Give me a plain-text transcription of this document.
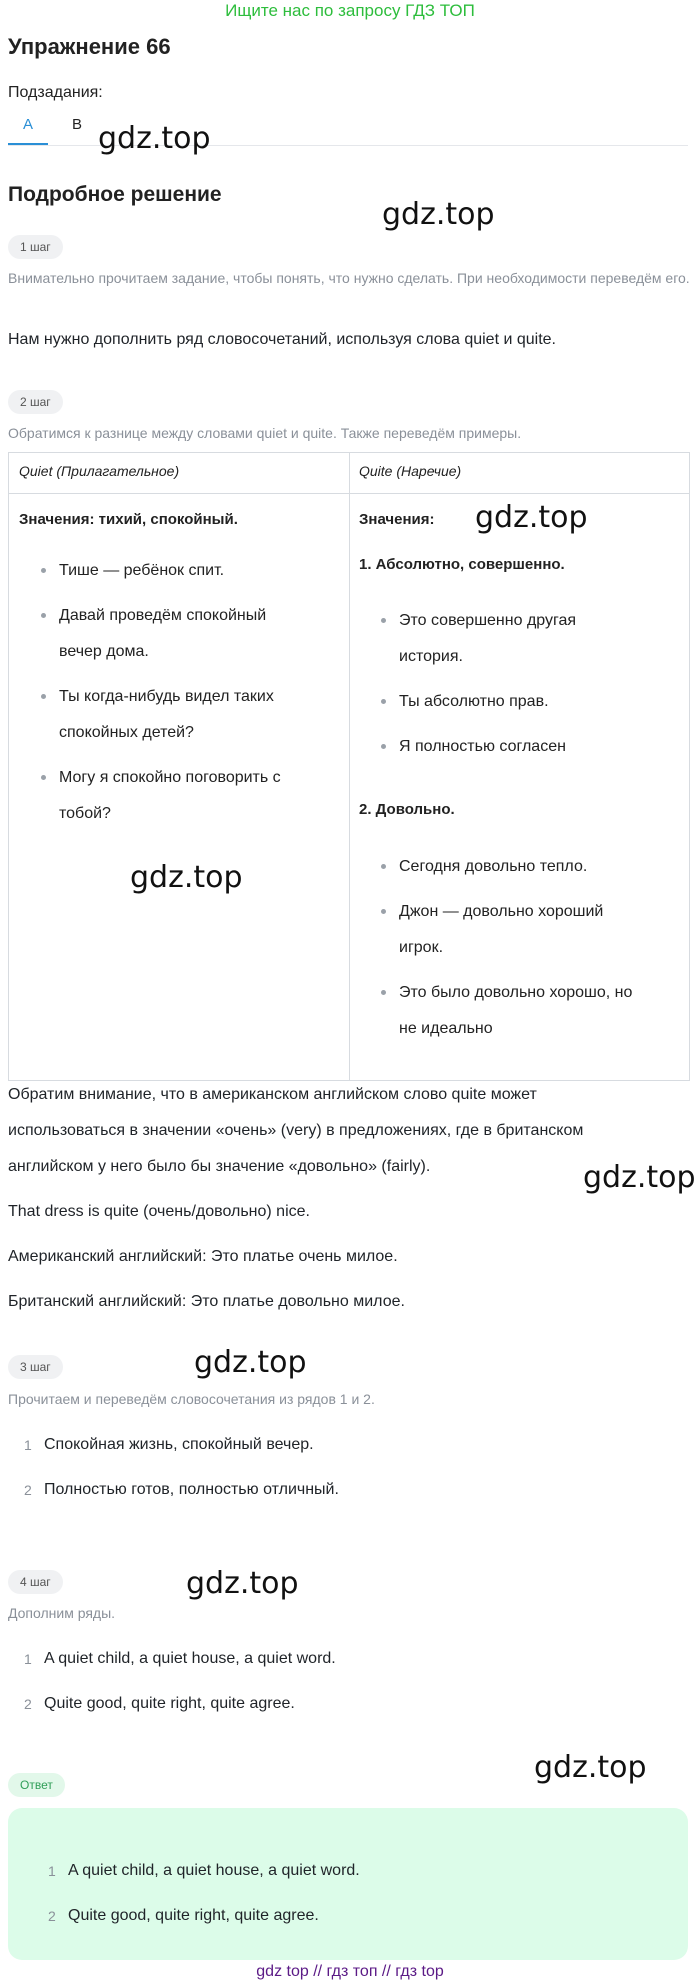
Ищите нас по запросу ГДЗ ТОП
Упражнение 66
Подзадания:
A	B
Подробное решение
1 шаг
Внимательно прочитаем задание, чтобы понять, что нужно сделать. При необходимости переведём его.
Нам нужно дополнить ряд словосочетаний, используя слова quiet и quite.
2 шаг
Обратимся к разнице между словами quiet и quite. Также переведём примеры.
Quiet (Прилагательное)	Quite (Наречие)
Значения: тихий, спокойный.
Тише — ребёнок спит.
Давай проведём спокойный
вечер дома.
Ты когда-нибудь видел таких
спокойных детей?
Могу я спокойно поговорить с
тобой?
Значения:
1. Абсолютно, совершенно.
Это совершенно другая
история.
Ты абсолютно прав.
Я полностью согласен
2. Довольно.
Сегодня довольно тепло.
Джон — довольно хороший
игрок.
Это было довольно хорошо, но
не идеально
Обратим внимание, что в американском английском слово quite может
использоваться в значении «очень» (very) в предложениях, где в британском
английском у него было бы значение «довольно» (fairly).
That dress is quite (очень/довольно) nice.
Американский английский: Это платье очень милое.
Британский английский: Это платье довольно милое.
3 шаг
Прочитаем и переведём словосочетания из рядов 1 и 2.
1 Спокойная жизнь, спокойный вечер.
2 Полностью готов, полностью отличный.
4 шаг
Дополним ряды.
1 A quiet child, a quiet house, a quiet word.
2 Quite good, quite right, quite agree.
Ответ
1 A quiet child, a quiet house, a quiet word.
2 Quite good, quite right, quite agree.
gdz top // гдз топ // гдз top
gdz.top
gdz.top
gdz.top
gdz.top
gdz.top
gdz.top
gdz.top
gdz.top
